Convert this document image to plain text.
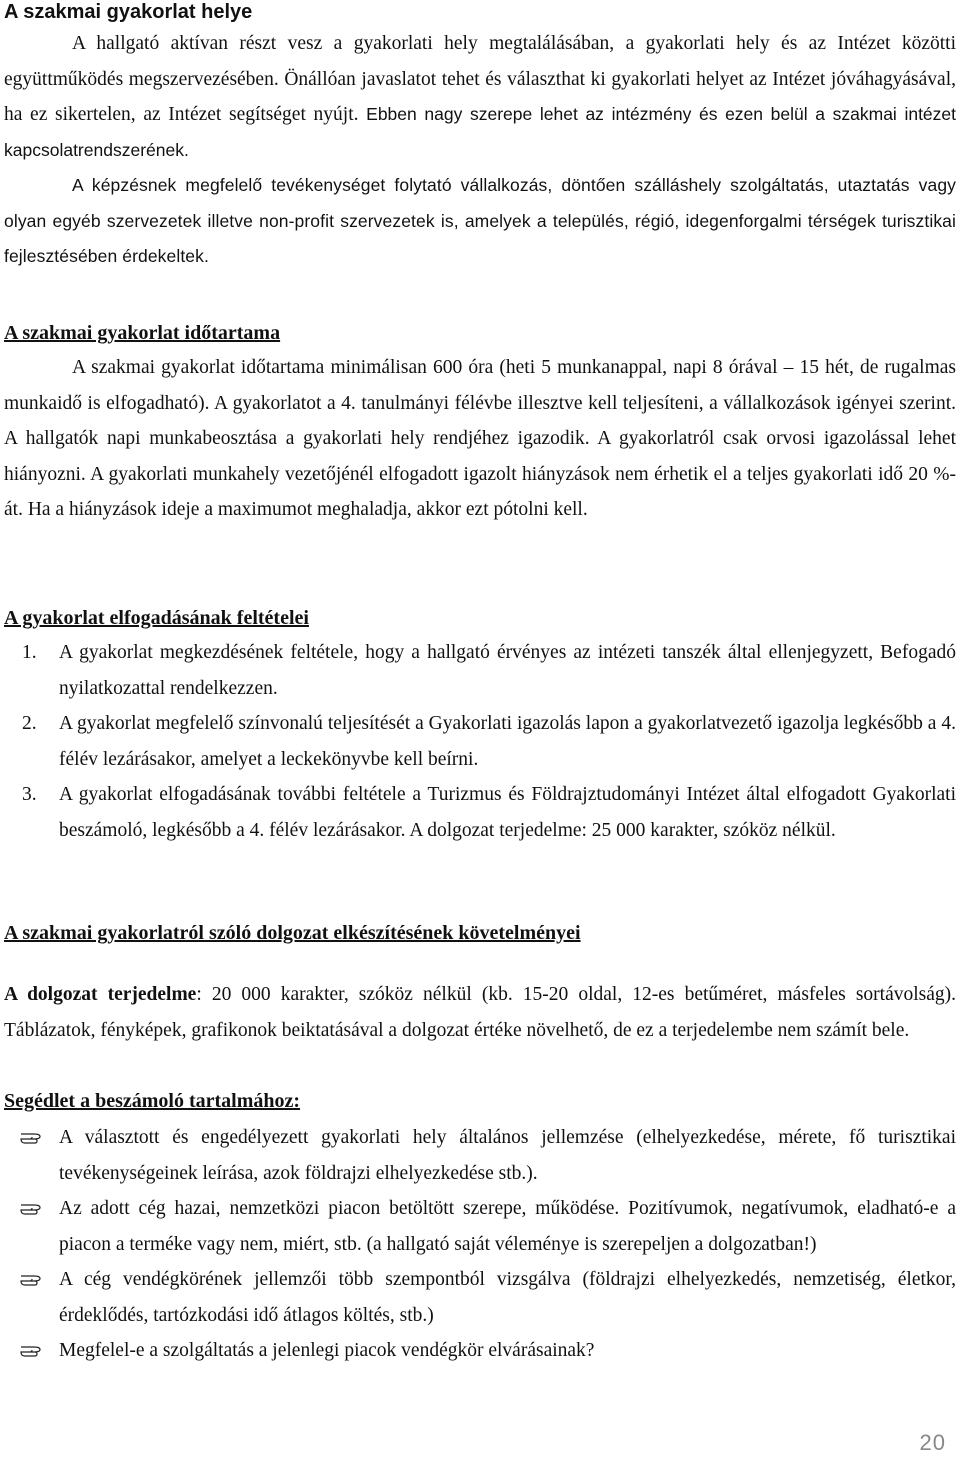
A szakmai gyakorlat helye

A hallgató aktívan részt vesz a gyakorlati hely megtalálásában, a gyakorlati hely és az Intézet közötti együttműködés megszervezésében. Önállóan javaslatot tehet és választhat ki gyakorlati helyet az Intézet jóváhagyásával, ha ez sikertelen, az Intézet segítséget nyújt. Ebben nagy szerepe lehet az intézmény és ezen belül a szakmai intézet kapcsolatrendszerének.

A képzésnek megfelelő tevékenységet folytató vállalkozás, döntően szálláshely szolgáltatás, utaztatás vagy olyan egyéb szervezetek illetve non-profit szervezetek is, amelyek a település, régió, idegenforgalmi térségek turisztikai fejlesztésében érdekeltek.

A szakmai gyakorlat időtartama

A szakmai gyakorlat időtartama minimálisan 600 óra (heti 5 munkanappal, napi 8 órával – 15 hét, de rugalmas munkaidő is elfogadható). A gyakorlatot a 4. tanulmányi félévbe illesztve kell teljesíteni, a vállalkozások igényei szerint. A hallgatók napi munkabeosztása a gyakorlati hely rendjéhez igazodik. A gyakorlatról csak orvosi igazolással lehet hiányozni. A gyakorlati munkahely vezetőjénél elfogadott igazolt hiányzások nem érhetik el a teljes gyakorlati idő 20 %-át. Ha a hiányzások ideje a maximumot meghaladja, akkor ezt pótolni kell.

A gyakorlat elfogadásának feltételei
1. A gyakorlat megkezdésének feltétele, hogy a hallgató érvényes az intézeti tanszék által ellenjegyzett, Befogadó nyilatkozattal rendelkezzen.
2. A gyakorlat megfelelő színvonalú teljesítését a Gyakorlati igazolás lapon a gyakorlatvezető igazolja legkésőbb a 4. félév lezárásakor, amelyet a leckekönyvbe kell beírni.
3. A gyakorlat elfogadásának további feltétele a Turizmus és Földrajztudományi Intézet által elfogadott Gyakorlati beszámoló, legkésőbb a 4. félév lezárásakor. A dolgozat terjedelme: 25 000 karakter, szóköz nélkül.
A szakmai gyakorlatról szóló dolgozat elkészítésének követelményei

A dolgozat terjedelme: 20 000 karakter, szóköz nélkül (kb. 15-20 oldal, 12-es betűméret, másfeles sortávolság). Táblázatok, fényképek, grafikonok beiktatásával a dolgozat értéke növelhető, de ez a terjedelembe nem számít bele.

Segédlet a beszámoló tartalmához:
A választott és engedélyezett gyakorlati hely általános jellemzése (elhelyezkedése, mérete, fő turisztikai tevékenységeinek leírása, azok földrajzi elhelyezkedése stb.).
Az adott cég hazai, nemzetközi piacon betöltött szerepe, működése. Pozitívumok, negatívumok, eladható-e a piacon a terméke vagy nem, miért, stb. (a hallgató saját véleménye is szerepeljen a dolgozatban!)
A cég vendégkörének jellemzői több szempontból vizsgálva (földrajzi elhelyezkedés, nemzetiség, életkor, érdeklődés, tartózkodási idő átlagos költés, stb.)
Megfelel-e a szolgáltatás a jelenlegi piacok vendégkör elvárásainak?
20
